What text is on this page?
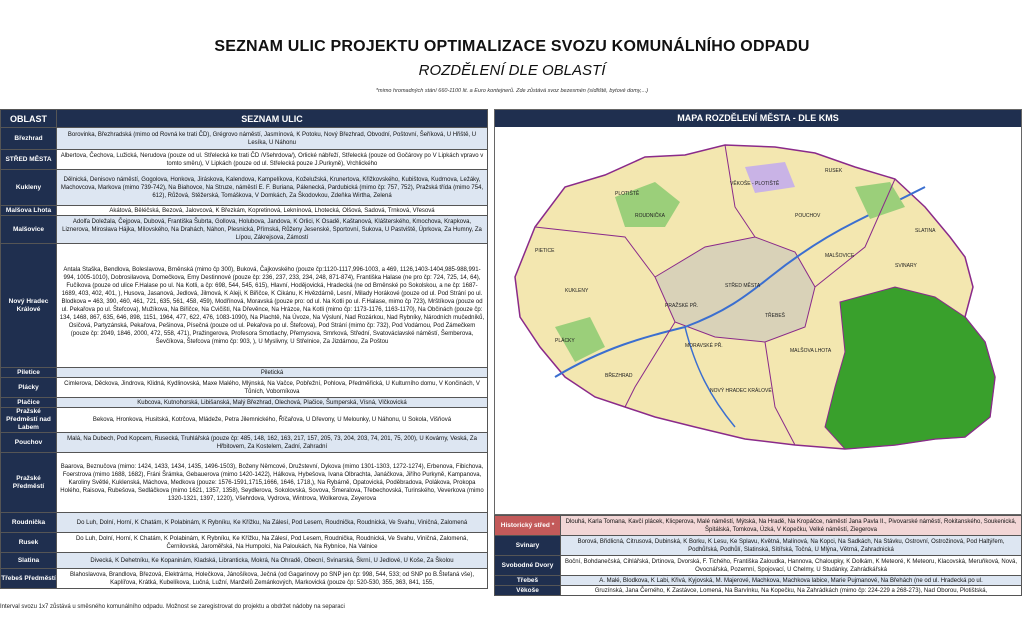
SEZNAM ULIC PROJEKTU OPTIMALIZACE SVOZU KOMUNÁLNÍHO ODPADU
ROZDĚLENÍ DLE OBLASTÍ
*mimo hromadných stání 660-1100 lit. a Euro kontejnerů. Zde zůstává svoz bezesmén (sídliště, bytové domy,...)
OBLAST	SEZNAM ULIC
Březhrad	Borovinka, Březhradská (mimo od Rovná ke trati ČD), Grégrovo náměstí, Jasmínová, K Potoku, Nový Březhrad, Obvodní, Poštovní, Šeříková, U Hřiště, U Lesíka, U Náhonu
STŘED MĚSTA	Albertova, Čechova, Lužická, Nerudova (pouze od ul. Střelecká ke trati ČD /Všehrdova/), Orlické nábřeží, Střelecká (pouze od Gočárovy po V Lipkách vpravo v tomto směru), V Lipkách (pouze od ul. Střelecká pouze J.Purkyně), Vrchlického
Kukleny	Dělnická, Denisovo náměstí, Gogolova, Honkova, Jiráskova, Kalendova, Kampelíkova, Koželužská, Krunertova, Křižkovského, Kubištova, Kudrnova, Ležáky, Machovcova, Markova (mimo 739-742), Na Biahovce, Na Struze, náměstí E. F. Buriana, Pálenecká, Pardubická (mimo čp: 757, 752), Pražská třída (mimo 754, 612), Růžová, Stěžerská, Tomáškova, V Domkách, Za Škodovkou, Zdeňka Wirtha, Zelená
Malšova Lhota	Akátová, Běléčská, Bezová, Jalovcová, K Březkám, Kopretinová, Leknínová, Lhotecká, Olšová, Sadová, Trnková, Vřesová
Malšovice	Adolfa Doležala, Čejpova, Dubová, Františka Šubrta, Gollova, Holubova, Jandova, K Orlici, K Osadě, Kaštanová, Klášterského, Kmochova, Krapkova, Liznerova, Mirosłava Hájka, Mílovského, Na Drahách, Náhon, Plesnická, Přímská, Růženy Jesenské, Sportovní, Sukova, U Pastviště, Úprkova, Za Humny, Za Lípou, Zákrejsova, Zámostí
Nový Hradec Králové	Antala Staška, Bendlova, Boleslavova, Brněnská (mimo čp 300), Buková, Čajkovského (pouze čp:1120-1117,996-1003, a 469, 1126,1403-1404,985-988,991-994, 1005-1010), Dobrosilavova, Domečkova, Emy Destinnové (pouze čp: 236, 237, 233, 234, 248, 871-874), Františka Halase (ne pro čp: 724, 725, 14, 64), Fučíkova (pouze od ulice F.Halase po ul. Na Kotli, a čp: 698, 544, 545, 615), Hlavní, Hodějovická, Hradecká (ne od Brněnské po Sokolskou, a ne čp: 1687-1689, 403, 402, 401, ), Husova, Jasanová, Jedlová, Jilmová, K Aleji, K Biřičce, K Cikánu, K Hvězdárně, Lesní, Milady Horákové (pouze od ul. Pod Strání po ul. Blodkova = 463, 390, 460, 461, 721, 635, 561, 458, 459), Modřínová, Moravská (pouze pro: od ul. Na Kotli po ul. F.Halase, mimo čp 723), Mrštíkova (pouze od ul. Pekařova po ul. Štefcova), Mužíkova, Na Biřičce, Na Cvičišti, Na Dřevěnce, Na Hrázce, Na Kotli (mimo čp: 1173-1176, 1163-1170), Na Občinách (pouze čp: 134, 1468, 867, 635, 646, 898, 1151, 1964, 477, 622, 476, 1083-1090), Na Plachtě, Na Úvoze, Na Výsluní, Nad Rozárkou, Nad Rybníky, Národních mučedníků, Osičová, Partyzánská, Pekařova, Pešinova, Písečná (pouze od ul. Pekařova po ul. Štefcova), Pod Strání (mimo čp: 732), Pod Vodárnou, Pod Zámečkem (pouze čp: 2049, 1846, 2000, 472, 558, 471), Pražingerova, Profesora Smotlachy, Přemysova, Smrková, Střední, Svatováclavské náměstí, Šemberova, Ševčíkova, Štefcova (mimo čp: 903, ), U Myslivny, U Střelnice, Za Jizdárnou, Za Poštou
Piletice	Piletická
Plácky	Cimlerova, Děckova, Jindrova, Klidná, Kydlinovská, Maxe Malého, Mlýnská, Na Vačce, Pobřežní, Pohlova, Předměřická, U Kulturního domu, V Končinách, V Tůních, Voborníkova
Plačice	Kubcova, Kutnohorská, Libišanská, Malý Březhrad, Olechová, Plačice, Šumperská, Vísná, Vlčkovická
Pražské Předměstí nad Labem	Bekova, Hronkova, Husitská, Kotrčova, Mládeže, Petra Jilemnického, Říčařova, U Dřevony, U Melounky, U Náhonu, U Sokola, Višňová
Pouchov	Malá, Na Dubech, Pod Kopcem, Rusecká, Truhlářská (pouze čp: 485, 148, 162, 163, 217, 157, 205, 73, 204, 203, 74, 201, 75, 200), U Kovárny, Veská, Za Hřbitovem, Za Kostelem, Zadní, Zahradní
Pražské Předměstí	Baarova, Beznučova (mimo: 1424, 1433, 1434, 1435, 1496-1503), Boženy Němcové, Družstevní, Dykova (mimo 1301-1303, 1272-1274), Erbenova, Fibichova, Foerstrova (mimo 1688, 1682), Fráni Šrámka, Gebauerova (mimo 1420-1422), Hálkova, Hybešova, Ivana Olbrachta, Janáčkova, Jiřího Purkyně, Kampanova, Karoliny Světlé, Kuklenská, Máchova, Medkova (pouze: 1576-1591,1715,1666, 1646, 1718,), Na Rybárně, Opatovická, Poděbradova, Polákova, Prokopa Holého, Raisova, Rubešova, Sedláčkova (mimo 1621, 1357, 1358), Seydlerova, Sokolovská, Sovova, Šmeralova, Třebechovská, Turinského, Veverkova (mimo 1320-1321, 1397, 1220), Všehrdova, Vydrova, Wintrova, Wolkerova, Zeyerova
Roudnička	Do Luh, Dolní, Horní, K Chatám, K Polabinám, K Rybníku, Ke Křížku, Na Zálesí, Pod Lesem, Roudnička, Roudnická, Ve Svahu, Viničná, Zalomená
Rusek	Do Luh, Dolní, Horní, K Chatám, K Polabinám, K Rybníku, Ke Křížku, Na Zálesí, Pod Lesem, Roudnička, Roudnická, Ve Svahu, Viničná, Zalomená, Černilovská, Jaroměřská, Na Humpolci, Na Paloukách, Na Rybníce, Na Valnice
Slatina	Divecká, K Dehetníku, Ke Kopaninám, Kladská, Libranticka, Mokrá, Na Ohradě, Obecní, Svinarská, Škrní, U Jedlové, U Koše, Za Školou
Třebeš Předměstí	Blahoslavova, Brandlova, Březová, Elektrárna, Holečkova, Jánošíkova, Ječná (od Gagarinovy po SNP jen čp: 998, 544, 533; od SNP po B.Štefaná vše), Kaplířova, Krátká, Kubelíkova, Lučná, Lužní, Manželů Zemánkových, Markovická (pouze čp: 520-530, 355, 363, 841, 155,
Interval svozu 1x7 zůstává u směsného komunálního odpadu. Možnost se zaregistrovat do projektu a obdržet nádoby na separaci
MAPA ROZDĚLENÍ MĚSTA - DLE KMS
PLOTIŠTĚ
VĚKOŠE - PLOTIŠTĚ
RUSEK
SLATINA
KUKLENY
MALŠOVICE
PRAŽSKÉ PŘ.
MALŠOVA LHOTA
NOVÝ HRADEC KRÁLOVÉ
STŘED MĚSTA
SVINARY
PIETICE
PLÁCKY
POUCHOV
BŘEZHRAD
ROUDNIČKA
TŘEBEŠ
MORAVSKÉ PŘ.
Historický střed *	Dlouhá, Karla Tomana, Kavčí plácek, Klicperova, Malé náměstí, Mýtská, Na Hradě, Na Kropáčce, náměstí Jana Pavla II., Pivovarské náměstí, Rokitanského, Soukenická, Špitálská, Tomkova, Úzká, V Kopečku, Velké náměstí, Ziegerova
Svinary	Borová, Břidlicná, Citrusová, Dubinská, K Borku, K Lesu, Ke Splavu, Květná, Malínová, Na Kopci, Na Sadkách, Na Stávku, Ostrovní, Ostrožinová, Pod Haltýřem, Podhůřská, Podhůlí, Slatinská, Sítířská, Točná, U Mlýna, Větrná, Zahradnická
Svobodné Dvory	Boční, Bohdanečská, Cihlářská, Drtinova, Dvorská, F. Tichého, Františka Zaloudka, Hannova, Chaloupky, K Dolkám, K Meteoré, K Meteoru, Klacovská, Meruňková, Nová, Ovocnářská, Pozemní, Spojovací, U Chelmy, U Studánky, Zahrádkářská
Třebeš	A. Malé, Blodkova, K Labi, Křivá, Kyjovská, M. Majerové, Machkova, Machkova labice, Marie Pujmanové, Na Břehách (ne od ul. Hradecká po ul.
Věkoše	Gruzínská, Jana Černého, K Zastávce, Lomená, Na Barvínku, Na Kopečku, Na Zahrádkách (mimo čp: 224-229 a 268-273), Nad Oborou, Plotištská,
